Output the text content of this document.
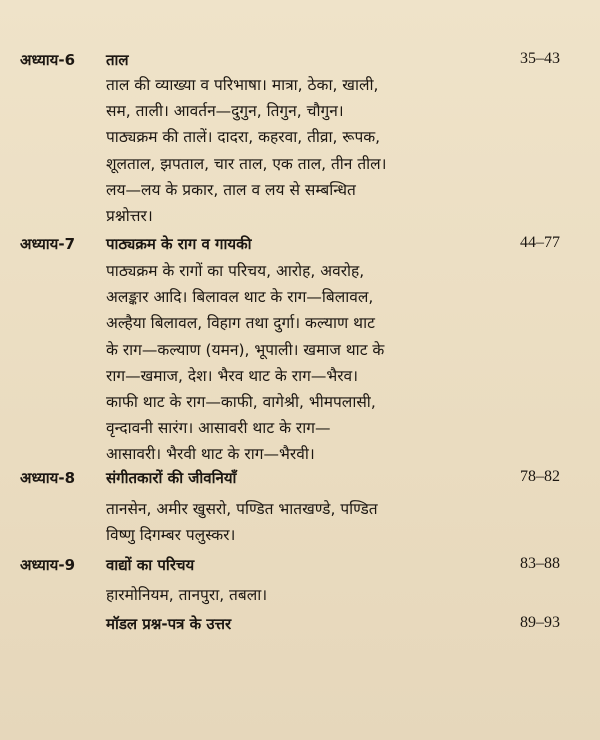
अध्याय-6 ताल	35–43

ताल की व्याख्या व परिभाषा। मात्रा, ठेका, खाली,

सम, ताली। आवर्तन—दुगुन, तिगुन, चौगुन।

पाठ्यक्रम की तालें। दादरा, कहरवा, तीव्रा, रूपक,

शूलताल, झपताल, चार ताल, एक ताल, तीन तील।

लय—लय के प्रकार, ताल व लय से सम्बन्धित

प्रश्नोत्तर।

अध्याय-7 पाठ्यक्रम के राग व गायकी	44–77

पाठ्यक्रम के रागों का परिचय, आरोह, अवरोह,

अलङ्कार आदि। बिलावल थाट के राग—बिलावल,

अल्हैया बिलावल, विहाग तथा दुर्गा। कल्याण थाट

के राग—कल्याण (यमन), भूपाली। खमाज थाट के

राग—खमाज, देश। भैरव थाट के राग—भैरव।

काफी थाट के राग—काफी, वागेश्री, भीमपलासी,

वृन्दावनी सारंग। आसावरी थाट के राग—

आसावरी। भैरवी थाट के राग—भैरवी।

अध्याय-8 संगीतकारों की जीवनियाँ	78–82

तानसेन, अमीर खुसरो, पण्डित भातखण्डे, पण्डित

विष्णु दिगम्बर पलुस्कर।

अध्याय-9 वाद्यों का परिचय	83–88

हारमोनियम, तानपुरा, तबला।

मॉडल प्रश्न-पत्र के उत्तर	89–93
